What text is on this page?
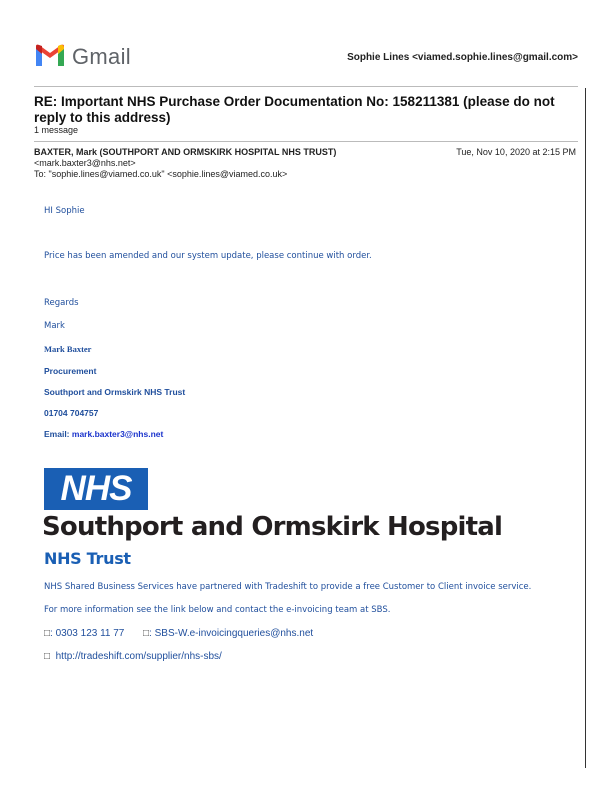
Gmail	Sophie Lines <viamed.sophie.lines@gmail.com>
RE: Important NHS Purchase Order Documentation No: 158211381 (please do not reply to this address)
1 message
BAXTER, Mark (SOUTHPORT AND ORMSKIRK HOSPITAL NHS TRUST)
<mark.baxter3@nhs.net>
To: "sophie.lines@viamed.co.uk" <sophie.lines@viamed.co.uk>
Tue, Nov 10, 2020 at 2:15 PM
HI Sophie
Price has been amended and our system update, please continue with order.
Regards
Mark
Mark Baxter
Procurement
Southport and Ormskirk NHS Trust
01704 704757
Email: mark.baxter3@nhs.net
NHS
Southport and Ormskirk Hospital
NHS Trust
NHS Shared Business Services have partnered with Tradeshift to provide a free Customer to Client invoice service.
For more information see the link below and contact the e-invoicing team at SBS.
□: 0303 123 11 77 □: SBS-W.e-invoicingqueries@nhs.net
□ http://tradeshift.com/supplier/nhs-sbs/
